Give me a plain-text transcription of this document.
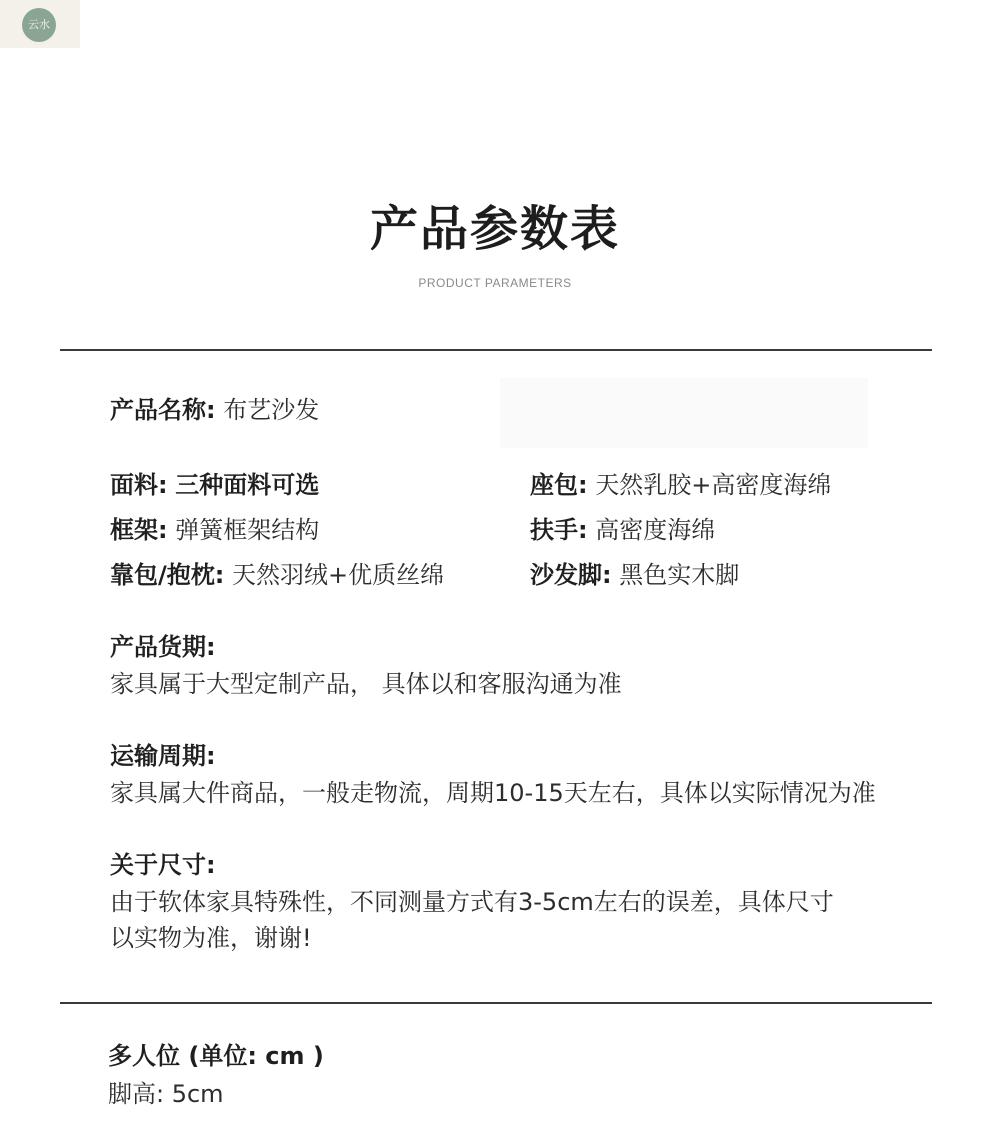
云水
产品参数表
PRODUCT PARAMETERS
产品名称: 布艺沙发
面料: 三种面料可选	座包: 天然乳胶+高密度海绵
框架: 弹簧框架结构	扶手: 高密度海绵
靠包/抱枕: 天然羽绒+优质丝绵	沙发脚: 黑色实木脚
产品货期:
家具属于大型定制产品， 具体以和客服沟通为准
运输周期:
家具属大件商品，一般走物流，周期10-15天左右，具体以实际情况为准
关于尺寸:
由于软体家具特殊性，不同测量方式有3-5cm左右的误差，具体尺寸
以实物为准，谢谢!
多人位 (单位: cm )
脚高: 5cm
